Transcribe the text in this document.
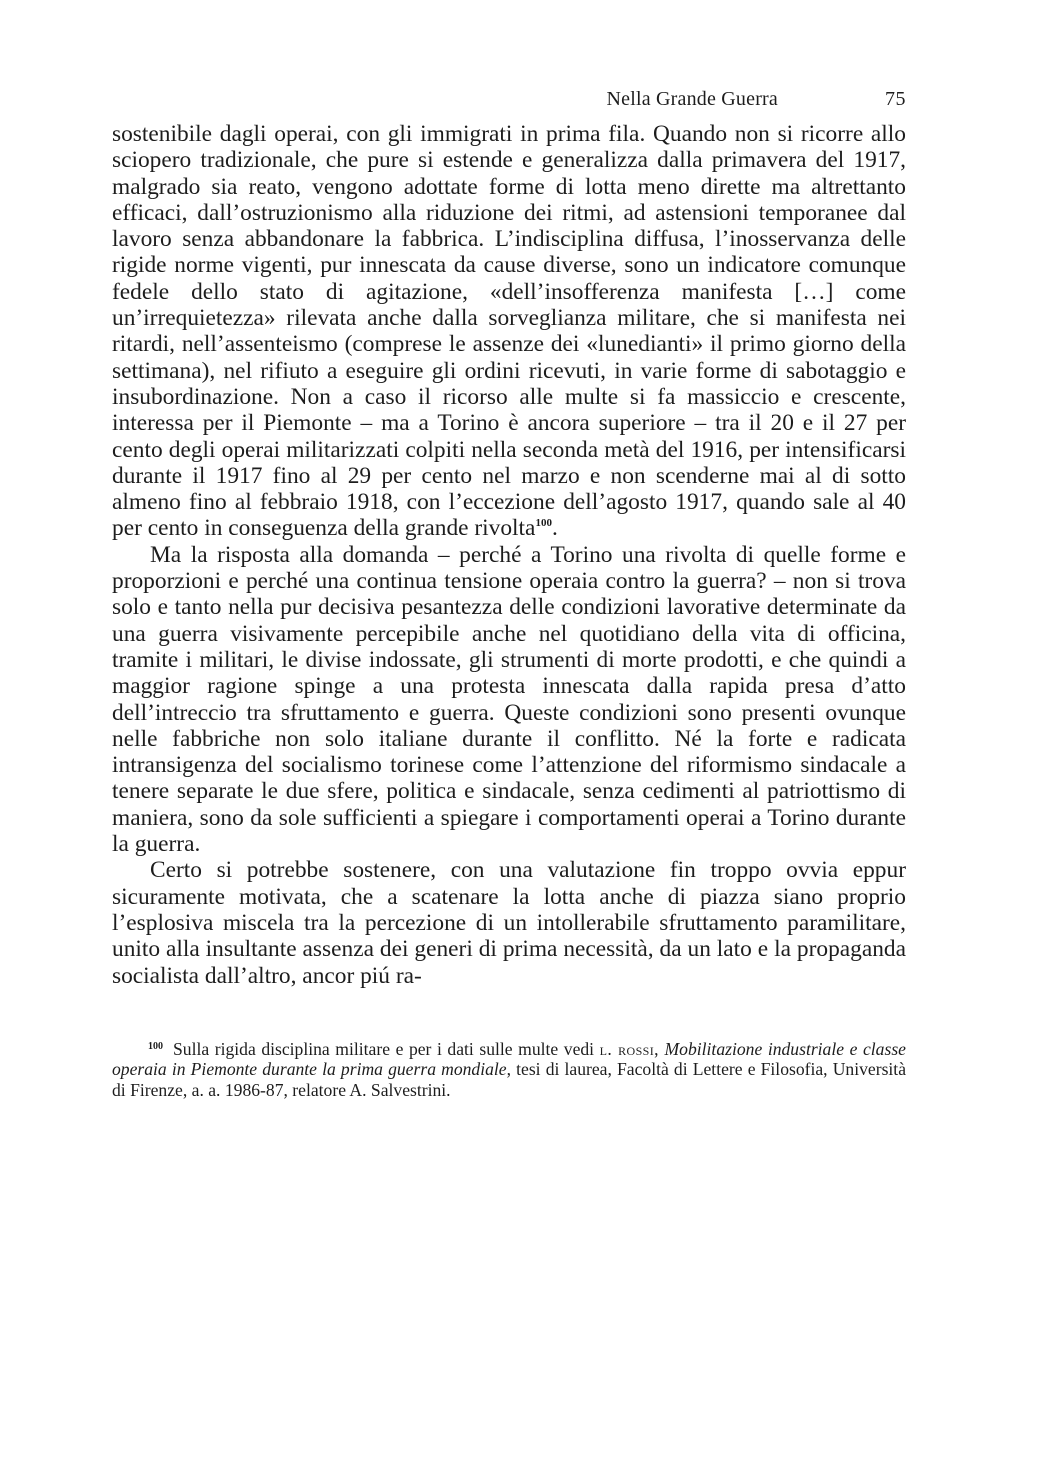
Nella Grande Guerra	75

sostenibile dagli operai, con gli immigrati in prima fila. Quando non si ricorre allo sciopero tradizionale, che pure si estende e generalizza dalla primavera del 1917, malgrado sia reato, vengono adottate forme di lotta meno dirette ma altrettanto efficaci, dall’ostruzionismo alla riduzione dei ritmi, ad astensioni temporanee dal lavoro senza abbandonare la fabbrica. L’indisciplina diffusa, l’inosservanza delle rigide norme vigenti, pur innescata da cause diverse, sono un indicatore comunque fedele dello stato di agitazione, «dell’insofferenza manifesta […] come un’irrequietezza» rilevata anche dalla sorveglianza militare, che si manifesta nei ritardi, nell’assenteismo (comprese le assenze dei «lunedianti» il primo giorno della settimana), nel rifiuto a eseguire gli ordini ricevuti, in varie forme di sabotaggio e insubordinazione. Non a caso il ricorso alle multe si fa massiccio e crescente, interessa per il Piemonte – ma a Torino è ancora superiore – tra il 20 e il 27 per cento degli operai militarizzati colpiti nella seconda metà del 1916, per intensificarsi durante il 1917 fino al 29 per cento nel marzo e non scenderne mai al di sotto almeno fino al febbraio 1918, con l’eccezione dell’agosto 1917, quando sale al 40 per cento in conseguenza della grande rivolta$^{100}$.

Ma la risposta alla domanda – perché a Torino una rivolta di quelle forme e proporzioni e perché una continua tensione operaia contro la guerra? – non si trova solo e tanto nella pur decisiva pesantezza delle condizioni lavorative determinate da una guerra visivamente percepibile anche nel quotidiano della vita di officina, tramite i militari, le divise indossate, gli strumenti di morte prodotti, e che quindi a maggior ragione spinge a una protesta innescata dalla rapida presa d’atto dell’intreccio tra sfruttamento e guerra. Queste condizioni sono presenti ovunque nelle fabbriche non solo italiane durante il conflitto. Né la forte e radicata intransigenza del socialismo torinese come l’attenzione del riformismo sindacale a tenere separate le due sfere, politica e sindacale, senza cedimenti al patriottismo di maniera, sono da sole sufficienti a spiegare i comportamenti operai a Torino durante la guerra.

Certo si potrebbe sostenere, con una valutazione fin troppo ovvia eppur sicuramente motivata, che a scatenare la lotta anche di piazza siano proprio l’esplosiva miscela tra la percezione di un intollerabile sfruttamento paramilitare, unito alla insultante assenza dei generi di prima necessità, da un lato e la propaganda socialista dall’altro, ancor piú ra-

$^{100}$ Sulla rigida disciplina militare e per i dati sulle multe vedi l. rossi, Mobilitazione industriale e classe operaia in Piemonte durante la prima guerra mondiale, tesi di laurea, Facoltà di Lettere e Filosofia, Università di Firenze, a. a. 1986-87, relatore A. Salvestrini.
